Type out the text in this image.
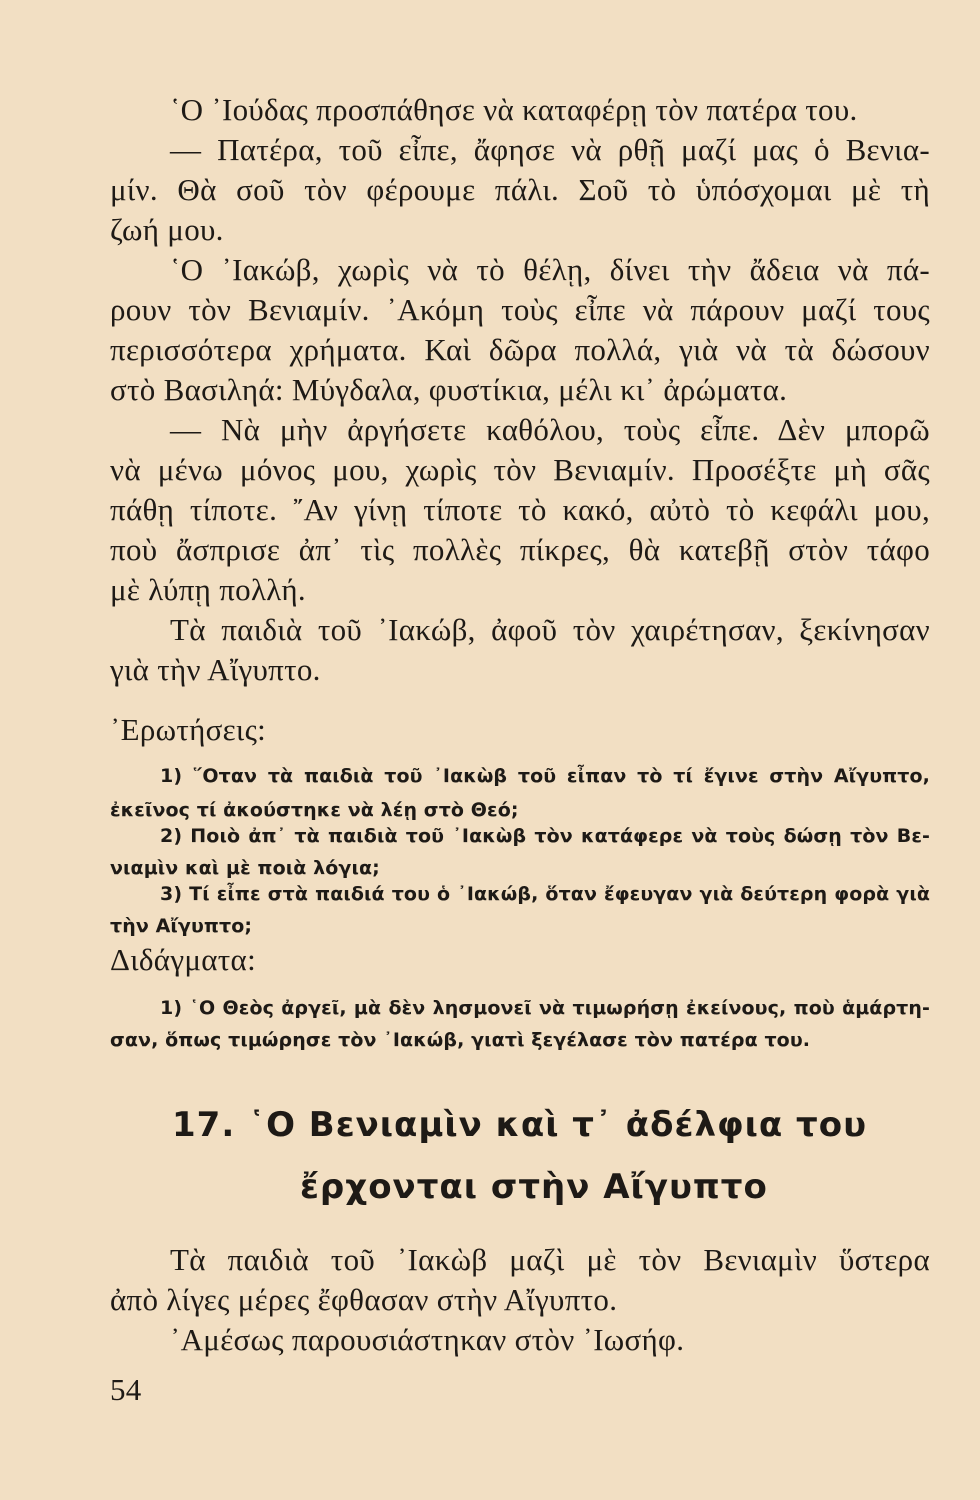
῾Ο ᾿Ιούδας προσπάθησε νὰ καταφέρῃ τὸν πατέρα του.
— Πατέρα, τοῦ εἶπε, ἄφησε νὰ ρθῇ μαζί μας ὁ Βενια-
μίν. Θὰ σοῦ τὸν φέρουμε πάλι. Σοῦ τὸ ὑπόσχομαι μὲ τὴ
ζωή μου.
῾Ο ᾿Ιακώβ, χωρὶς νὰ τὸ θέλῃ, δίνει τὴν ἄδεια νὰ πά-
ρουν τὸν Βενιαμίν. ᾿Ακόμη τοὺς εἶπε νὰ πάρουν μαζί τους
περισσότερα χρήματα. Καὶ δῶρα πολλά, γιὰ νὰ τὰ δώσουν
στὸ Βασιληά: Μύγδαλα, φυστίκια, μέλι κι᾿ ἀρώματα.
— Νὰ μὴν ἀργήσετε καθόλου, τοὺς εἶπε. Δὲν μπορῶ
νὰ μένω μόνος μου, χωρὶς τὸν Βενιαμίν. Προσέξτε μὴ σᾶς
πάθῃ τίποτε. ῎Αν γίνῃ τίποτε τὸ κακό, αὐτὸ τὸ κεφάλι μου,
ποὺ ἄσπρισε ἀπ᾿ τὶς πολλὲς πίκρες, θὰ κατεβῇ στὸν τάφο
μὲ λύπῃ πολλή.
Τὰ παιδιὰ τοῦ ᾿Ιακώβ, ἀφοῦ τὸν χαιρέτησαν, ξεκίνησαν
γιὰ τὴν Αἴγυπτο.
᾿Ερωτήσεις:
1) ῞Οταν τὰ παιδιὰ τοῦ ᾿Ιακὼβ τοῦ εἶπαν τὸ τί ἔγινε στὴν Αἴγυπτο,
ἐκεῖνος τί ἀκούστηκε νὰ λέῃ στὸ Θεό;
2) Ποιὸ ἀπ᾿ τὰ παιδιὰ τοῦ ᾿Ιακὼβ τὸν κατάφερε νὰ τοὺς δώσῃ τὸν Βε-
νιαμὶν καὶ μὲ ποιὰ λόγια;
3) Τί εἶπε στὰ παιδιά του ὁ ᾿Ιακώβ, ὅταν ἔφευγαν γιὰ δεύτερη φορὰ γιὰ
τὴν Αἴγυπτο;
Διδάγματα:
1) ῾Ο Θεὸς ἀργεῖ, μὰ δὲν λησμονεῖ νὰ τιμωρήσῃ ἐκείνους, ποὺ ἁμάρτη-
σαν, ὅπως τιμώρησε τὸν ᾿Ιακώβ, γιατὶ ξεγέλασε τὸν πατέρα του.
17. ῾Ο Βενιαμὶν καὶ τ᾿ ἀδέλφια του
ἔρχονται στὴν Αἴγυπτο
Τὰ παιδιὰ τοῦ ᾿Ιακὼβ μαζὶ μὲ τὸν Βενιαμὶν ὕστερα
ἀπὸ λίγες μέρες ἔφθασαν στὴν Αἴγυπτο.
᾿Αμέσως παρουσιάστηκαν στὸν ᾿Ιωσήφ.
54
